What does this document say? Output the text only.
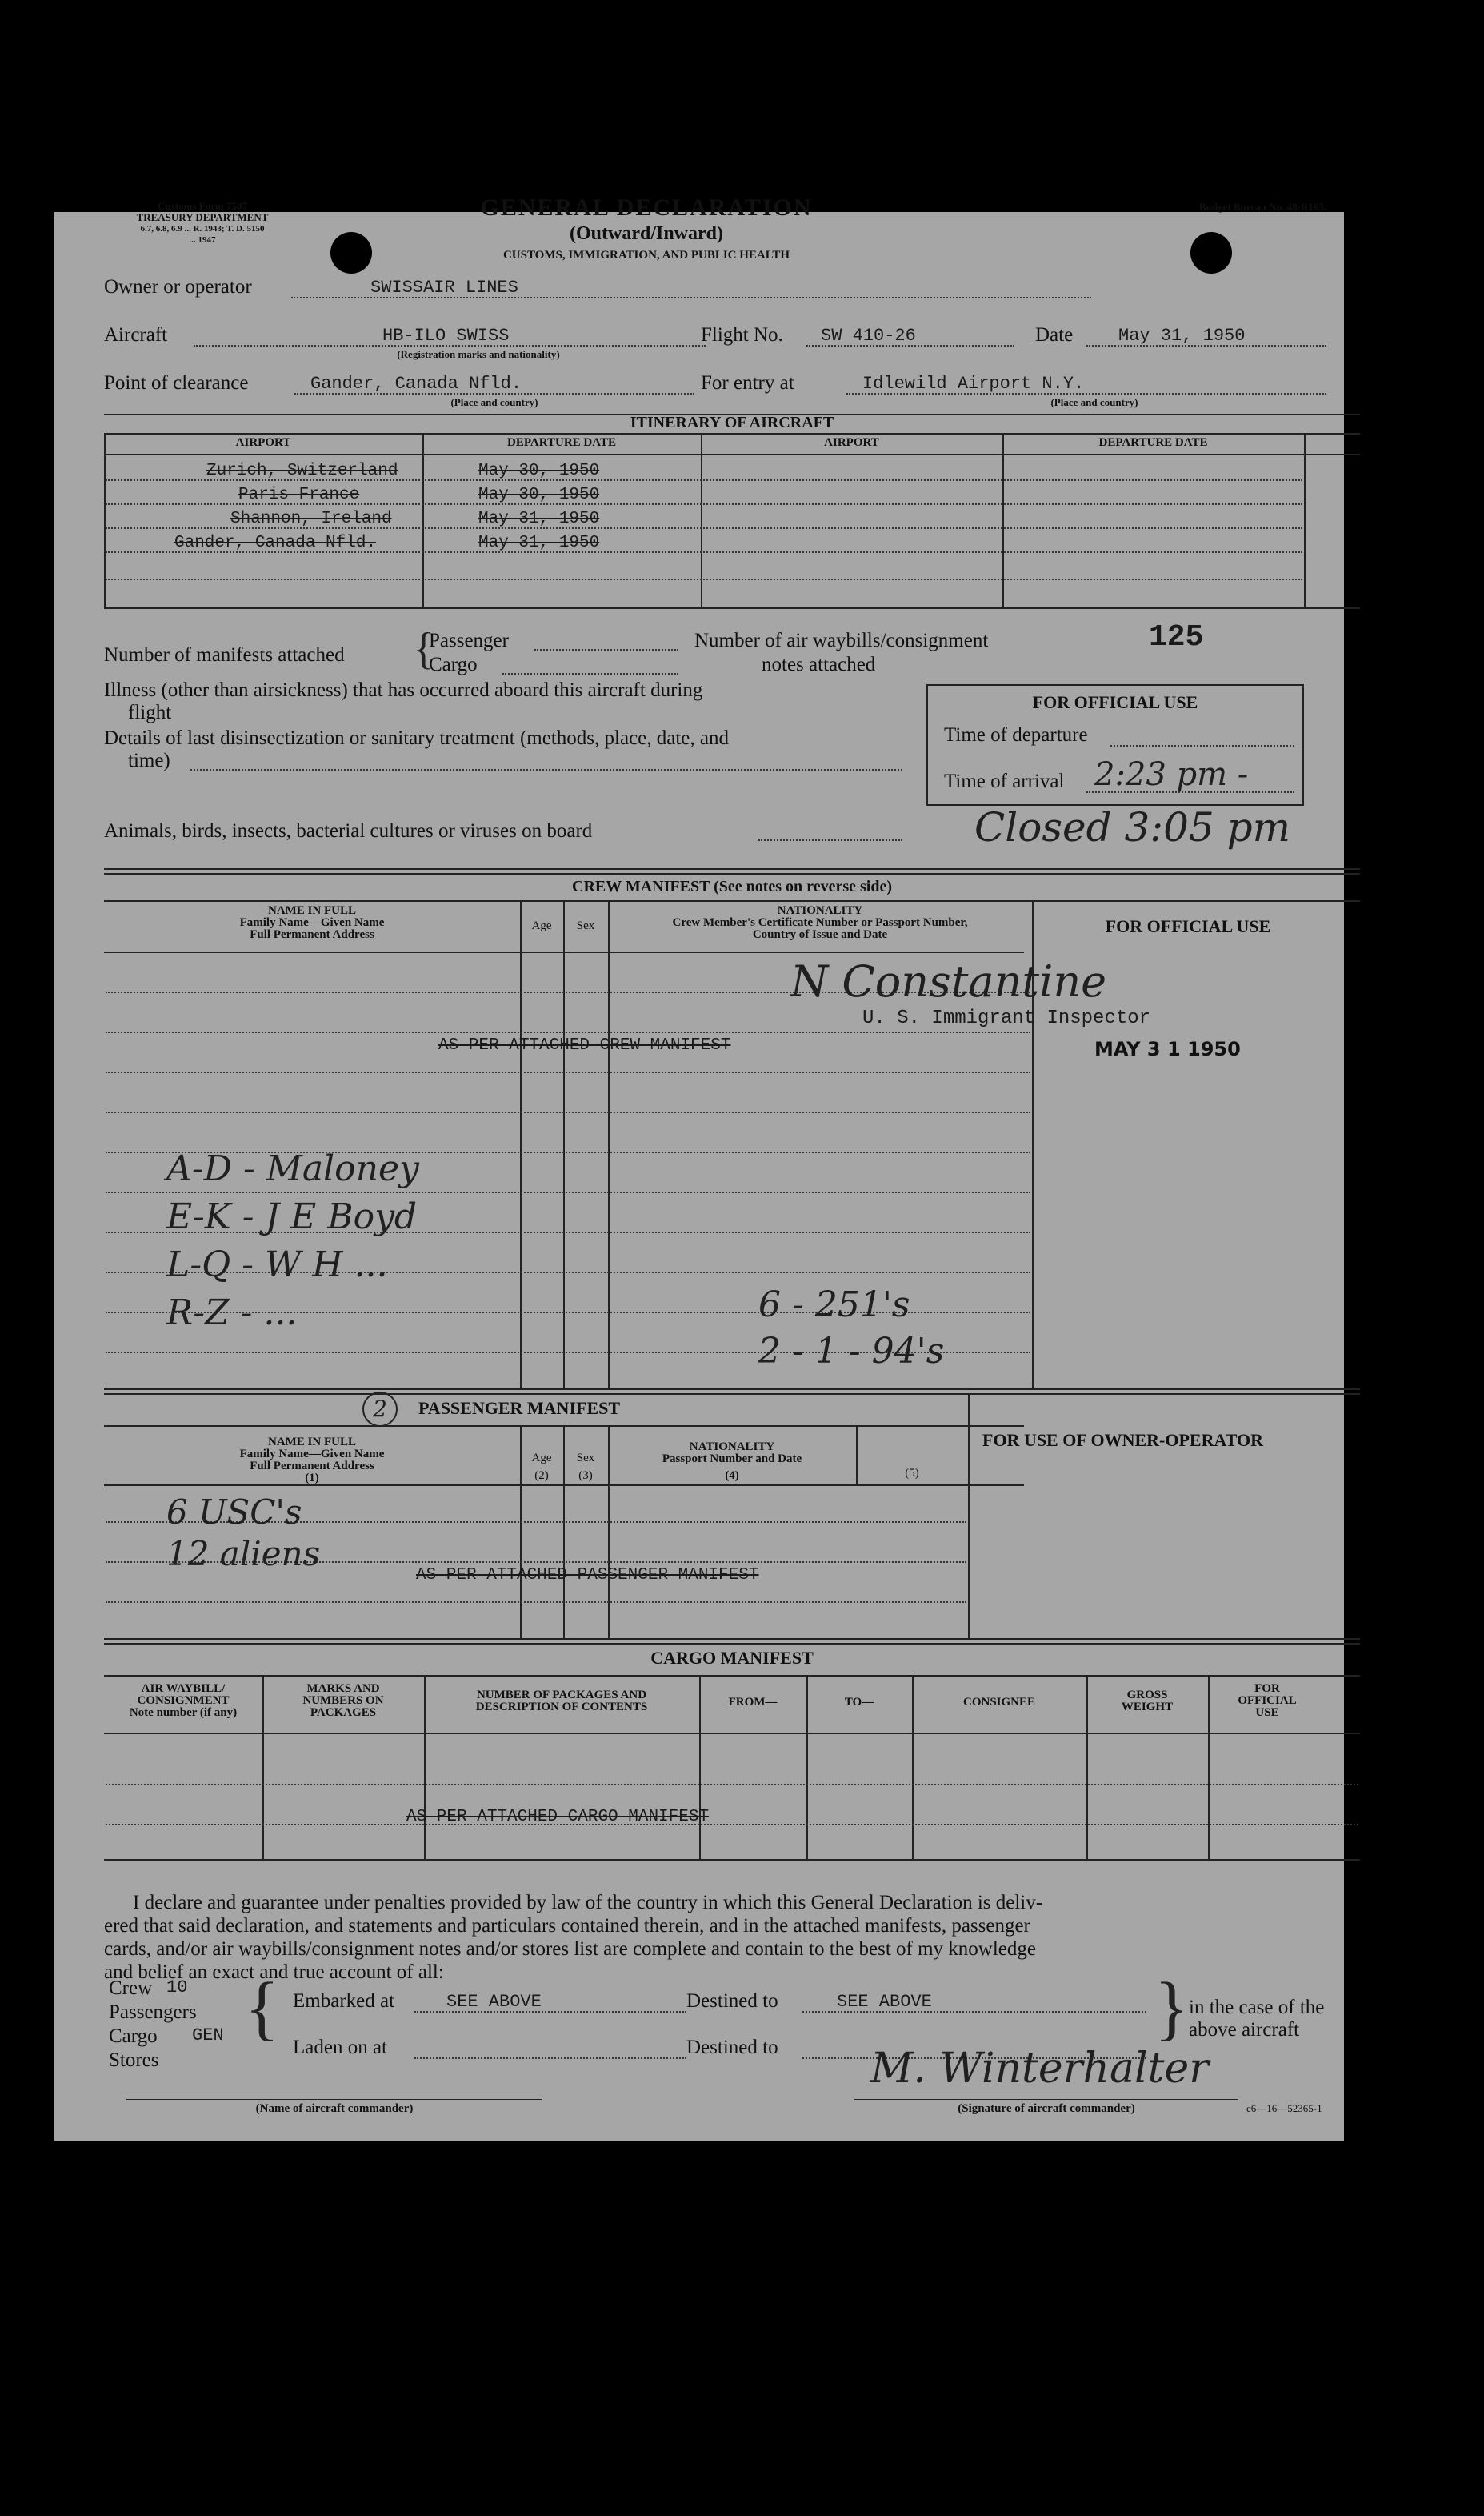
Customs Form 7507
TREASURY DEPARTMENT
6.7, 6.8, 6.9 ... R. 1943; T. D. 5150
... 1947
GENERAL DECLARATION
(Outward/Inward)
CUSTOMS, IMMIGRATION, AND PUBLIC HEALTH
Budget Bureau No. 48-R163.
Owner or operator	SWISSAIR LINES
Aircraft	HB-ILO SWISS
(Registration marks and nationality)
Flight No. SW 410-26	Date	May 31, 1950
Point of clearance	Gander, Canada Nfld.
(Place and country)
For entry at	Idlewild Airport N.Y.
(Place and country)
ITINERARY OF AIRCRAFT
AIRPORT	DEPARTURE DATE	AIRPORT	DEPARTURE DATE
Zurich, Switzerland	May 30, 1950
Paris France	May 30, 1950
Shannon, Ireland	May 31, 1950
Gander, Canada Nfld.	May 31, 1950
Number of manifests attached {
Passenger
Cargo
Number of air waybills/consignment
notes attached
125
Illness (other than airsickness) that has occurred aboard this aircraft during
flight
Details of last disinsectization or sanitary treatment (methods, place, date, and
time)
Animals, birds, insects, bacterial cultures or viruses on board
FOR OFFICIAL USE
Time of departure
Time of arrival 2:23 pm -
Closed 3:05 pm
CREW MANIFEST (See notes on reverse side)
NAME IN FULL
Family Name—Given Name
Full Permanent Address
Age	Sex
NATIONALITY
Crew Member's Certificate Number or Passport Number,
Country of Issue and Date	FOR OFFICIAL USE
AS PER ATTACHED CREW MANIFEST
N Constantine
U. S. Immigrant Inspector
MAY 3 1 1950
A-D - Maloney
E-K - J E Boyd
L-Q - W H ...
R-Z - ...	6 - 251's
2 - 1 - 94's
2	PASSENGER MANIFEST
NAME IN FULL
Family Name—Given Name
Full Permanent Address
(1)
Age
(2)
Sex
(3)
NATIONALITY
Passport Number and Date
(4)	(5)
FOR USE OF OWNER-OPERATOR
6 USC's
12 aliens
AS PER ATTACHED PASSENGER MANIFEST
CARGO MANIFEST
AIR WAYBILL/
CONSIGNMENT
Note number (if any)
MARKS AND
NUMBERS ON
PACKAGES
NUMBER OF PACKAGES AND
DESCRIPTION OF CONTENTS	FROM—	TO—	CONSIGNEE
GROSS
WEIGHT
FOR
OFFICIAL
USE
AS PER ATTACHED CARGO MANIFEST
I declare and guarantee under penalties provided by law of the country in which this General Declaration is deliv-
ered that said declaration, and statements and particulars contained therein, and in the attached manifests, passenger
cards, and/or air waybills/consignment notes and/or stores list are complete and contain to the best of my knowledge
and belief an exact and true account of all:
Crew 10
Passengers
Cargo GEN
Stores
{ Embarked at	SEE ABOVE
Laden on at
Destined to	SEE ABOVE
Destined to	} in the case of the
above aircraft
(Name of aircraft commander)	(Signature of aircraft commander)	c6—16—52365-1
M. Winterhalter
